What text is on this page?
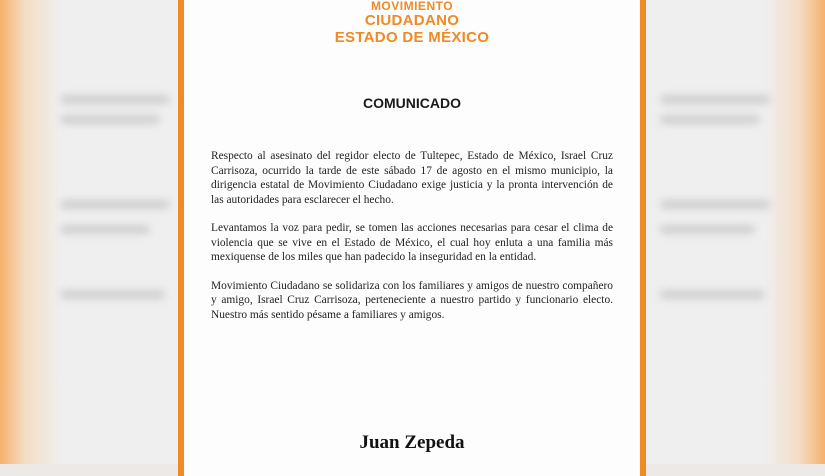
MOVIMIENTO
CIUDADANO
ESTADO DE MÉXICO
COMUNICADO

Respecto al asesinato del regidor electo de Tultepec, Estado de México, Israel Cruz Carrisoza, ocurrido la tarde de este sábado 17 de agosto en el mismo municipio, la dirigencia estatal de Movimiento Ciudadano exige justicia y la pronta intervención de las autoridades para esclarecer el hecho.

Levantamos la voz para pedir, se tomen las acciones necesarias para cesar el clima de violencia que se vive en el Estado de México, el cual hoy enluta a una familia más mexiquense de los miles que han padecido la inseguridad en la entidad.

Movimiento Ciudadano se solidariza con los familiares y amigos de nuestro compañero y amigo, Israel Cruz Carrisoza, perteneciente a nuestro partido y funcionario electo. Nuestro más sentido pésame a familiares y amigos.

Juan Zepeda
